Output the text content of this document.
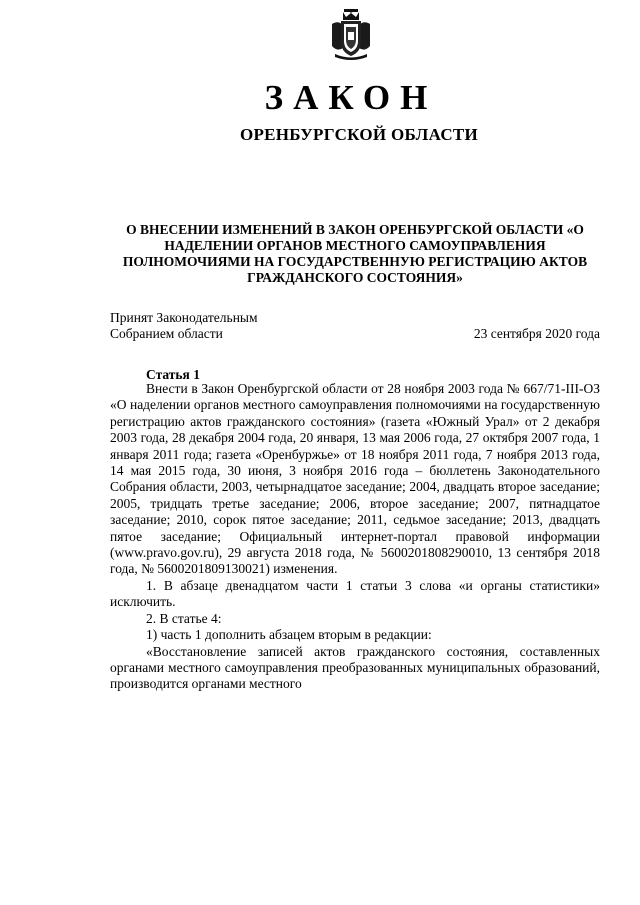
ЗАКОН
ОРЕНБУРГСКОЙ ОБЛАСТИ
О ВНЕСЕНИИ ИЗМЕНЕНИЙ В ЗАКОН ОРЕНБУРГСКОЙ ОБЛАСТИ «О НАДЕЛЕНИИ ОРГАНОВ МЕСТНОГО САМОУПРАВЛЕНИЯ ПОЛНОМОЧИЯМИ НА ГОСУДАРСТВЕННУЮ РЕГИСТРАЦИЮ АКТОВ ГРАЖДАНСКОГО СОСТОЯНИЯ»
Принят Законодательным
Собранием области	23 сентября 2020 года
Статья 1

Внести в Закон Оренбургской области от 28 ноября 2003 года № 667/71-III-ОЗ «О наделении органов местного самоуправления полномочиями на государственную регистрацию актов гражданского состояния» (газета «Южный Урал» от 2 декабря 2003 года, 28 декабря 2004 года, 20 января, 13 мая 2006 года, 27 октября 2007 года, 1 января 2011 года; газета «Оренбуржье» от 18 ноября 2011 года, 7 ноября 2013 года, 14 мая 2015 года, 30 июня, 3 ноября 2016 года – бюллетень Законодательного Собрания области, 2003, четырнадцатое заседание; 2004, двадцать второе заседание; 2005, тридцать третье заседание; 2006, второе заседание; 2007, пятнадцатое заседание; 2010, сорок пятое заседание; 2011, седьмое заседание; 2013, двадцать пятое заседание; Официальный интернет-портал правовой информации (www.pravo.gov.ru), 29 августа 2018 года, № 5600201808290010, 13 сентября 2018 года, № 5600201809130021) изменения.

1. В абзаце двенадцатом части 1 статьи 3 слова «и органы статистики» исключить.

2. В статье 4:

1) часть 1 дополнить абзацем вторым в редакции:

«Восстановление записей актов гражданского состояния, составленных органами местного самоуправления преобразованных муниципальных образований, производится органами местного
